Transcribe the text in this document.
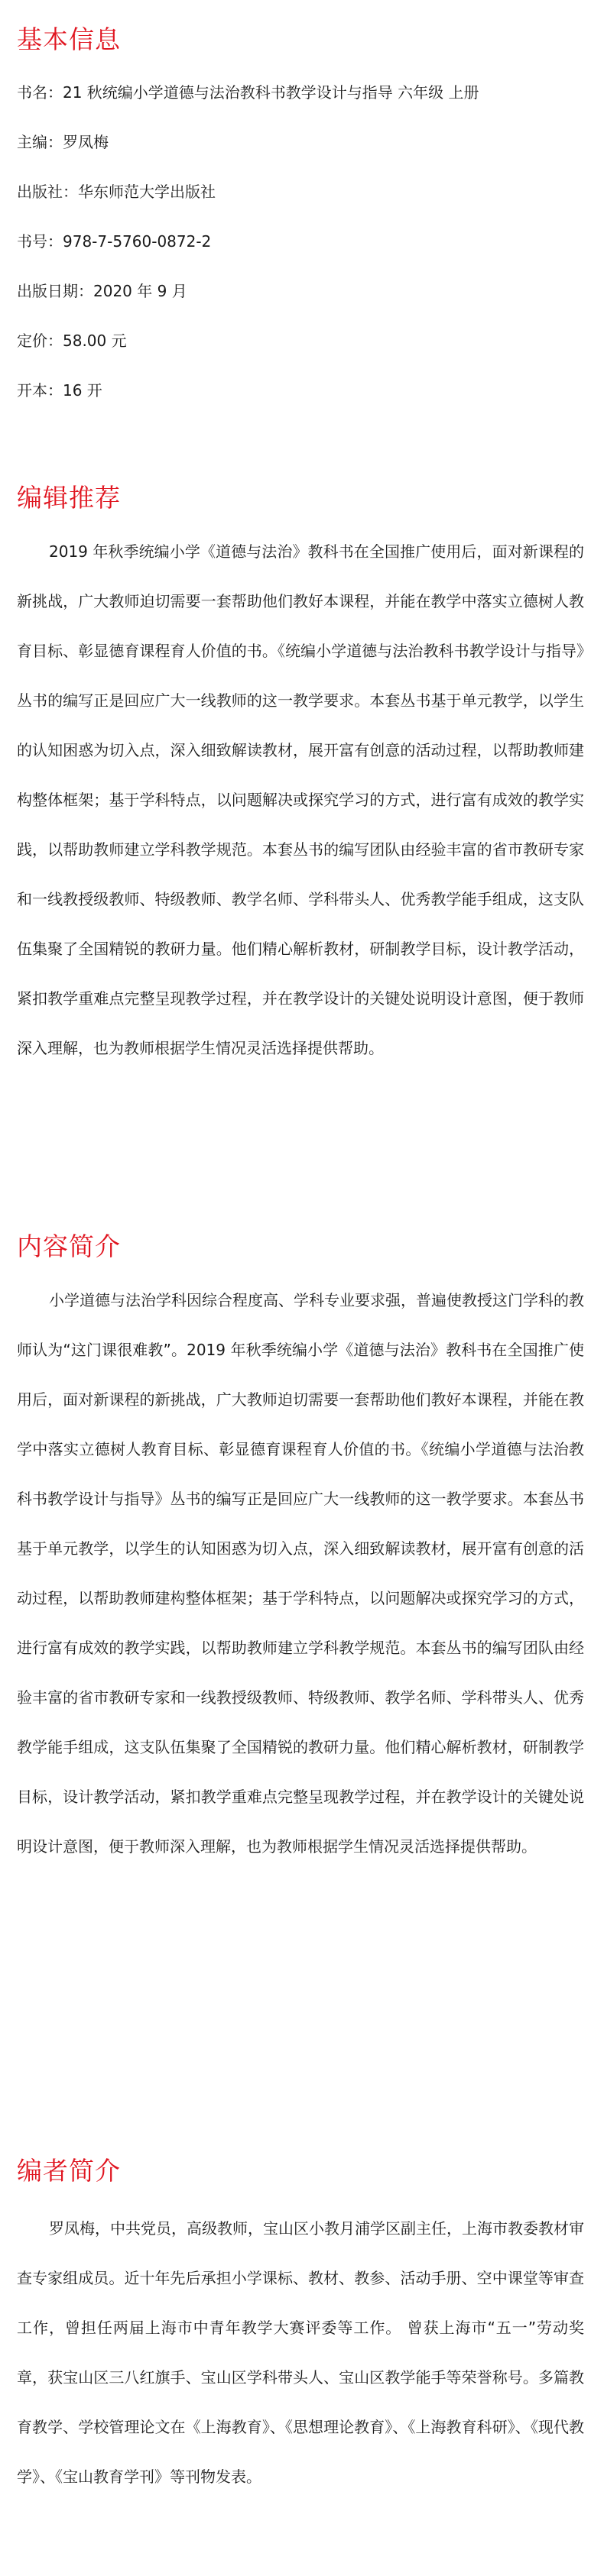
基本信息
书名：21 秋统编小学道德与法治教科书教学设计与指导 六年级 上册
主编：罗凤梅
出版社：华东师范大学出版社
书号：978-7-5760-0872-2
出版日期：2020 年 9 月
定价：58.00 元
开本：16 开
编辑推荐
2019 年秋季统编小学《道德与法治》教科书在全国推广使用后，面对新课程的新挑战，广大教师迫切需要一套帮助他们教好本课程，并能在教学中落实立德树人教育目标、彰显德育课程育人价值的书。《统编小学道德与法治教科书教学设计与指导》丛书的编写正是回应广大一线教师的这一教学要求。本套丛书基于单元教学，以学生的认知困惑为切入点，深入细致解读教材，展开富有创意的活动过程，以帮助教师建构整体框架；基于学科特点，以问题解决或探究学习的方式，进行富有成效的教学实践，以帮助教师建立学科教学规范。本套丛书的编写团队由经验丰富的省市教研专家和一线教授级教师、特级教师、教学名师、学科带头人、优秀教学能手组成，这支队伍集聚了全国精锐的教研力量。他们精心解析教材，研制教学目标，设计教学活动，紧扣教学重难点完整呈现教学过程，并在教学设计的关键处说明设计意图，便于教师深入理解，也为教师根据学生情况灵活选择提供帮助。
内容简介
小学道德与法治学科因综合程度高、学科专业要求强，普遍使教授这门学科的教师认为“这门课很难教”。2019 年秋季统编小学《道德与法治》教科书在全国推广使用后，面对新课程的新挑战，广大教师迫切需要一套帮助他们教好本课程，并能在教学中落实立德树人教育目标、彰显德育课程育人价值的书。《统编小学道德与法治教科书教学设计与指导》丛书的编写正是回应广大一线教师的这一教学要求。本套丛书基于单元教学，以学生的认知困惑为切入点，深入细致解读教材，展开富有创意的活动过程，以帮助教师建构整体框架；基于学科特点，以问题解决或探究学习的方式，进行富有成效的教学实践，以帮助教师建立学科教学规范。本套丛书的编写团队由经验丰富的省市教研专家和一线教授级教师、特级教师、教学名师、学科带头人、优秀教学能手组成，这支队伍集聚了全国精锐的教研力量。他们精心解析教材，研制教学目标，设计教学活动，紧扣教学重难点完整呈现教学过程，并在教学设计的关键处说明设计意图，便于教师深入理解，也为教师根据学生情况灵活选择提供帮助。
编者简介
罗凤梅，中共党员，高级教师，宝山区小教月浦学区副主任，上海市教委教材审查专家组成员。近十年先后承担小学课标、教材、教参、活动手册、空中课堂等审查工作，曾担任两届上海市中青年教学大赛评委等工作。 曾获上海市“五一”劳动奖章，获宝山区三八红旗手、宝山区学科带头人、宝山区教学能手等荣誉称号。多篇教育教学、学校管理论文在《上海教育》、《思想理论教育》、《上海教育科研》、《现代教学》、《宝山教育学刊》等刊物发表。
